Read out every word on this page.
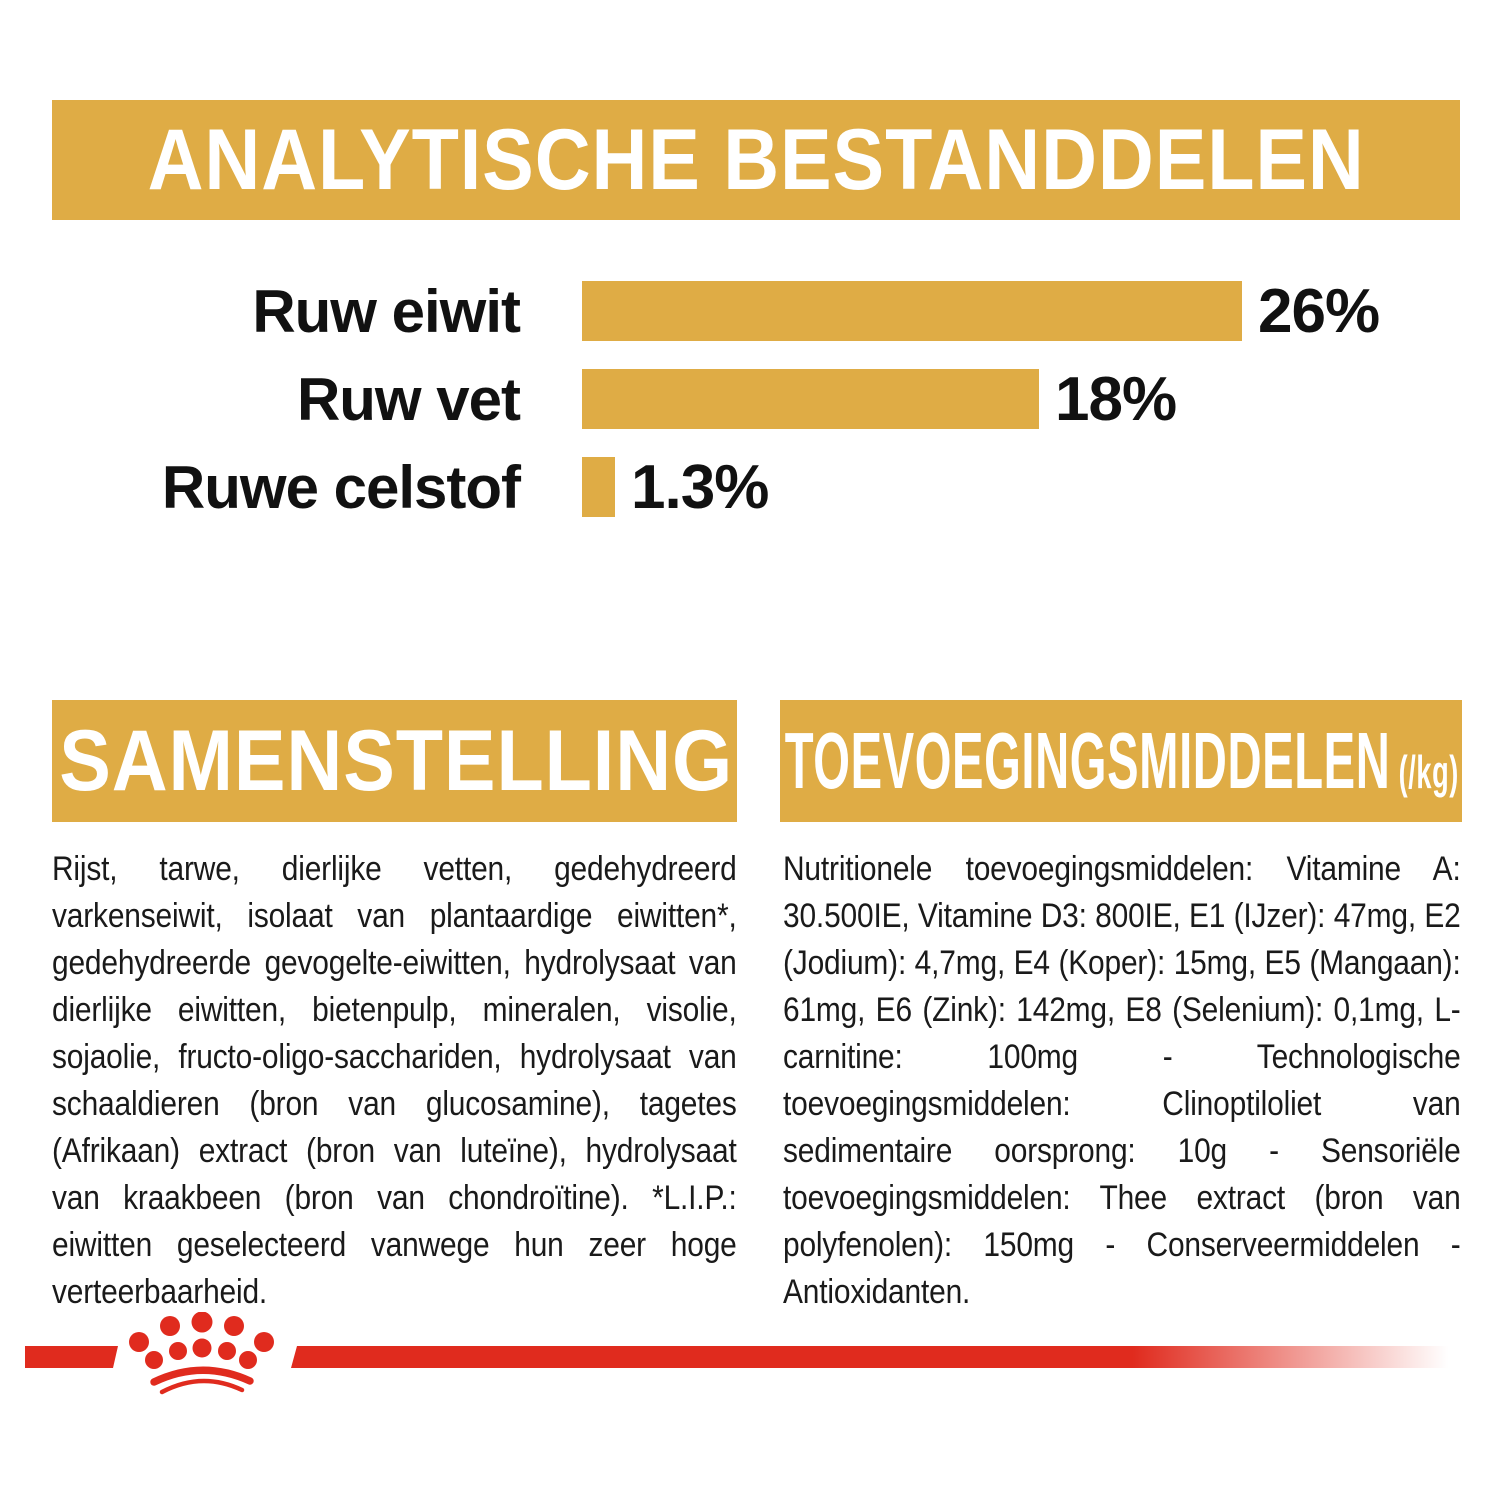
ANALYTISCHE BESTANDDELEN
Ruw eiwit	26%
Ruw vet	18%
Ruwe celstof 1.3%
SAMENSTELLING
Rijst, tarwe, dierlijke vetten, gedehydreerd varkenseiwit, isolaat van plantaardige eiwitten*, gedehydreerde gevogelte-eiwitten, hydrolysaat van dierlijke eiwitten, bietenpulp, mineralen, visolie, sojaolie, fructo-oligo-sacchariden, hydrolysaat van schaaldieren (bron van glucosamine), tagetes (Afrikaan) extract (bron van luteïne), hydrolysaat van kraakbeen (bron van chondroïtine). *L.I.P.: eiwitten geselecteerd vanwege hun zeer hoge verteerbaarheid.
TOEVOEGINGSMIDDELEN (/kg)
Nutritionele toevoegingsmiddelen: Vitamine A: 30.500IE, Vitamine D3: 800IE, E1 (IJzer): 47mg, E2 (Jodium): 4,7mg, E4 (Koper): 15mg, E5 (Mangaan): 61mg, E6 (Zink): 142mg, E8 (Selenium): 0,1mg, L-carnitine: 100mg - Technologische toevoegingsmiddelen: Clinoptiloliet van sedimentaire oorsprong: 10g - Sensoriële toevoegingsmiddelen: Thee extract (bron van polyfenolen): 150mg - Conserveermiddelen - Antioxidanten.
